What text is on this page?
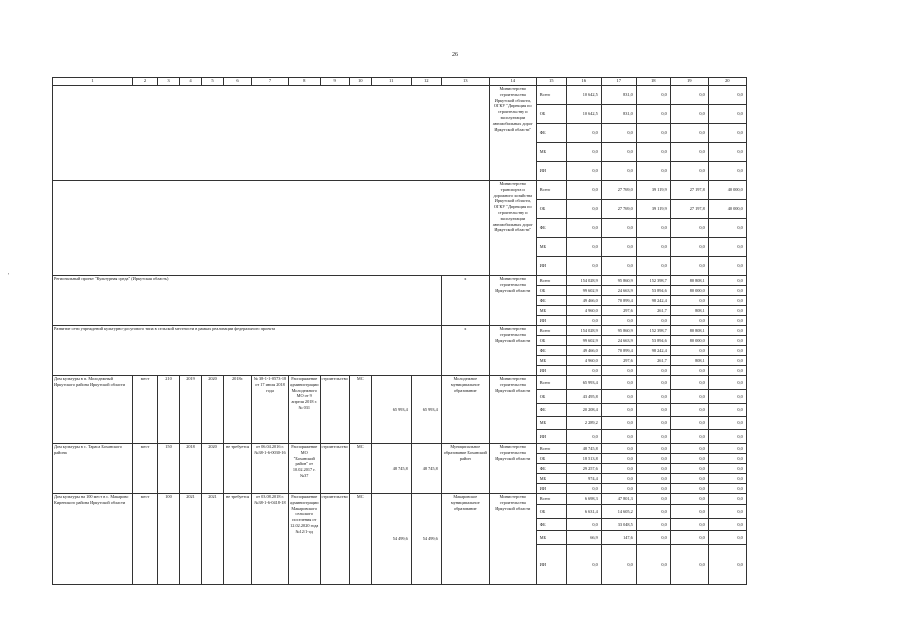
26
'
1	2	3	4	5	6	7	8	9	10	11	12	13	14	15	16	17	18	19	20
													Министерство строительства Иркутской области, ОГКУ "Дирекция по строительству и эксплуатации автомобильных дорог Иркутской области"	Всего	10 642,5	831,0	0,0	0,0	0,0
														ОБ	10 642,5	831,0	0,0	0,0	0,0
														ФБ	0,0	0,0	0,0	0,0	0,0
														МБ	0,0	0,0	0,0	0,0	0,0
														ИИ	0,0	0,0	0,0	0,0	0,0
													Министерство транспорта и дорожного хозяйства Иркутской области, ОГКУ "Дирекция по строительству и эксплуатации автомобильных дорог Иркутской области"	Всего	0,0	27 769,0	39 119,9	27 197,8	40 000,0
														ОБ	0,0	27 769,0	39 119,9	27 197,8	40 000,0
														ФБ	0,0	0,0	0,0	0,0	0,0
														МБ	0,0	0,0	0,0	0,0	0,0
														ИИ	0,0	0,0	0,0	0,0	0,0
Региональный проект "Культурная среда" (Иркутская область)												х	Министерство строительства Иркутской области	Всего	154 028,9	95 860,9	152 398,7	80 808,1	0,0
														ОБ	99 602,9	24 663,9	53 894,6	80 000,0	0,0
														ФБ	49 466,0	70 899,4	98 242,4	0,0	0,0
														МБ	4 960,0	297,6	261,7	808,1	0,0
														ИИ	0,0	0,0	0,0	0,0	0,0
Развитие сети учреждений культурно-досугового типа в сельской местности в рамках реализации федерального проекта												х	Министерство строительства Иркутской области	Всего	154 028,9	95 860,9	152 398,7	80 808,1	0,0
														ОБ	99 602,9	24 663,9	53 894,6	80 000,0	0,0
														ФБ	49 466,0	70 899,4	98 242,4	0,0	0,0
														МБ	4 960,0	297,6	261,7	808,1	0,0
														ИИ	0,0	0,0	0,0	0,0	0,0
Дом культуры в п. Молодежный Иркутского района Иркутской области	мест	210	2019	2020	2018г.	№ 38-1-1-0573-18 от 17 июля 2018 года	Распоряжение администрации Молодежного МО от 9 апреля 2018 г. № 031	строительство	МС	65 993,4	65 993,4	Молодежное муниципальное образование	Министерство строительства Иркутской области	Всего	65 993,4	0,0	0,0	0,0	0,0
														ОБ	43 495,8	0,0	0,0	0,0	0,0
														ФБ	20 208,4	0,0	0,0	0,0	0,0
														МБ	2 289,2	0,0	0,0	0,0	0,0
														ИИ	0,0	0,0	0,0	0,0	0,0
Дом культуры в с. Тараса Боханского района	мест	150	2018	2020	не требуется	от 06.04.2016 г. №38-1-6-0030-16	Распоряжение МО "Боханский район" от 10.02.2017 г. №37	строительство	МС	48 745,8	48 745,8	Муниципальное образование Боханский район	Министерство строительства Иркутской области	Всего	48 745,8	0,0	0,0	0,0	0,0
														ОБ	18 513,8	0,0	0,0	0,0	0,0
														ФБ	29 257,6	0,0	0,0	0,0	0,0
														МБ	974,4	0,0	0,0	0,0	0,0
														ИИ	0,0	0,0	0,0	0,0	0,0
Дом культуры на 100 мест в с. Макарово Киренского района Иркутской области	мест	100	2021	2021	не требуется	от 03.08.2018 г. №38-1-6-0418-18	Распоряжение администрации Макаровского сельского поселения от 12.02.2020 года №12/1-од	строительство	МС	54 499,6	54 499,6	Макаровское муниципальное образование	Министерство строительства Иркутской области	Всего	6 698,3	47 801,3	0,0	0,0	0,0
														ОБ	6 631,4	14 605,2	0,0	0,0	0,0
														ФБ	0,0	33 048,5	0,0	0,0	0,0
														МБ	66,9	147,6	0,0	0,0	0,0
														ИИ	0,0	0,0	0,0	0,0	0,0
